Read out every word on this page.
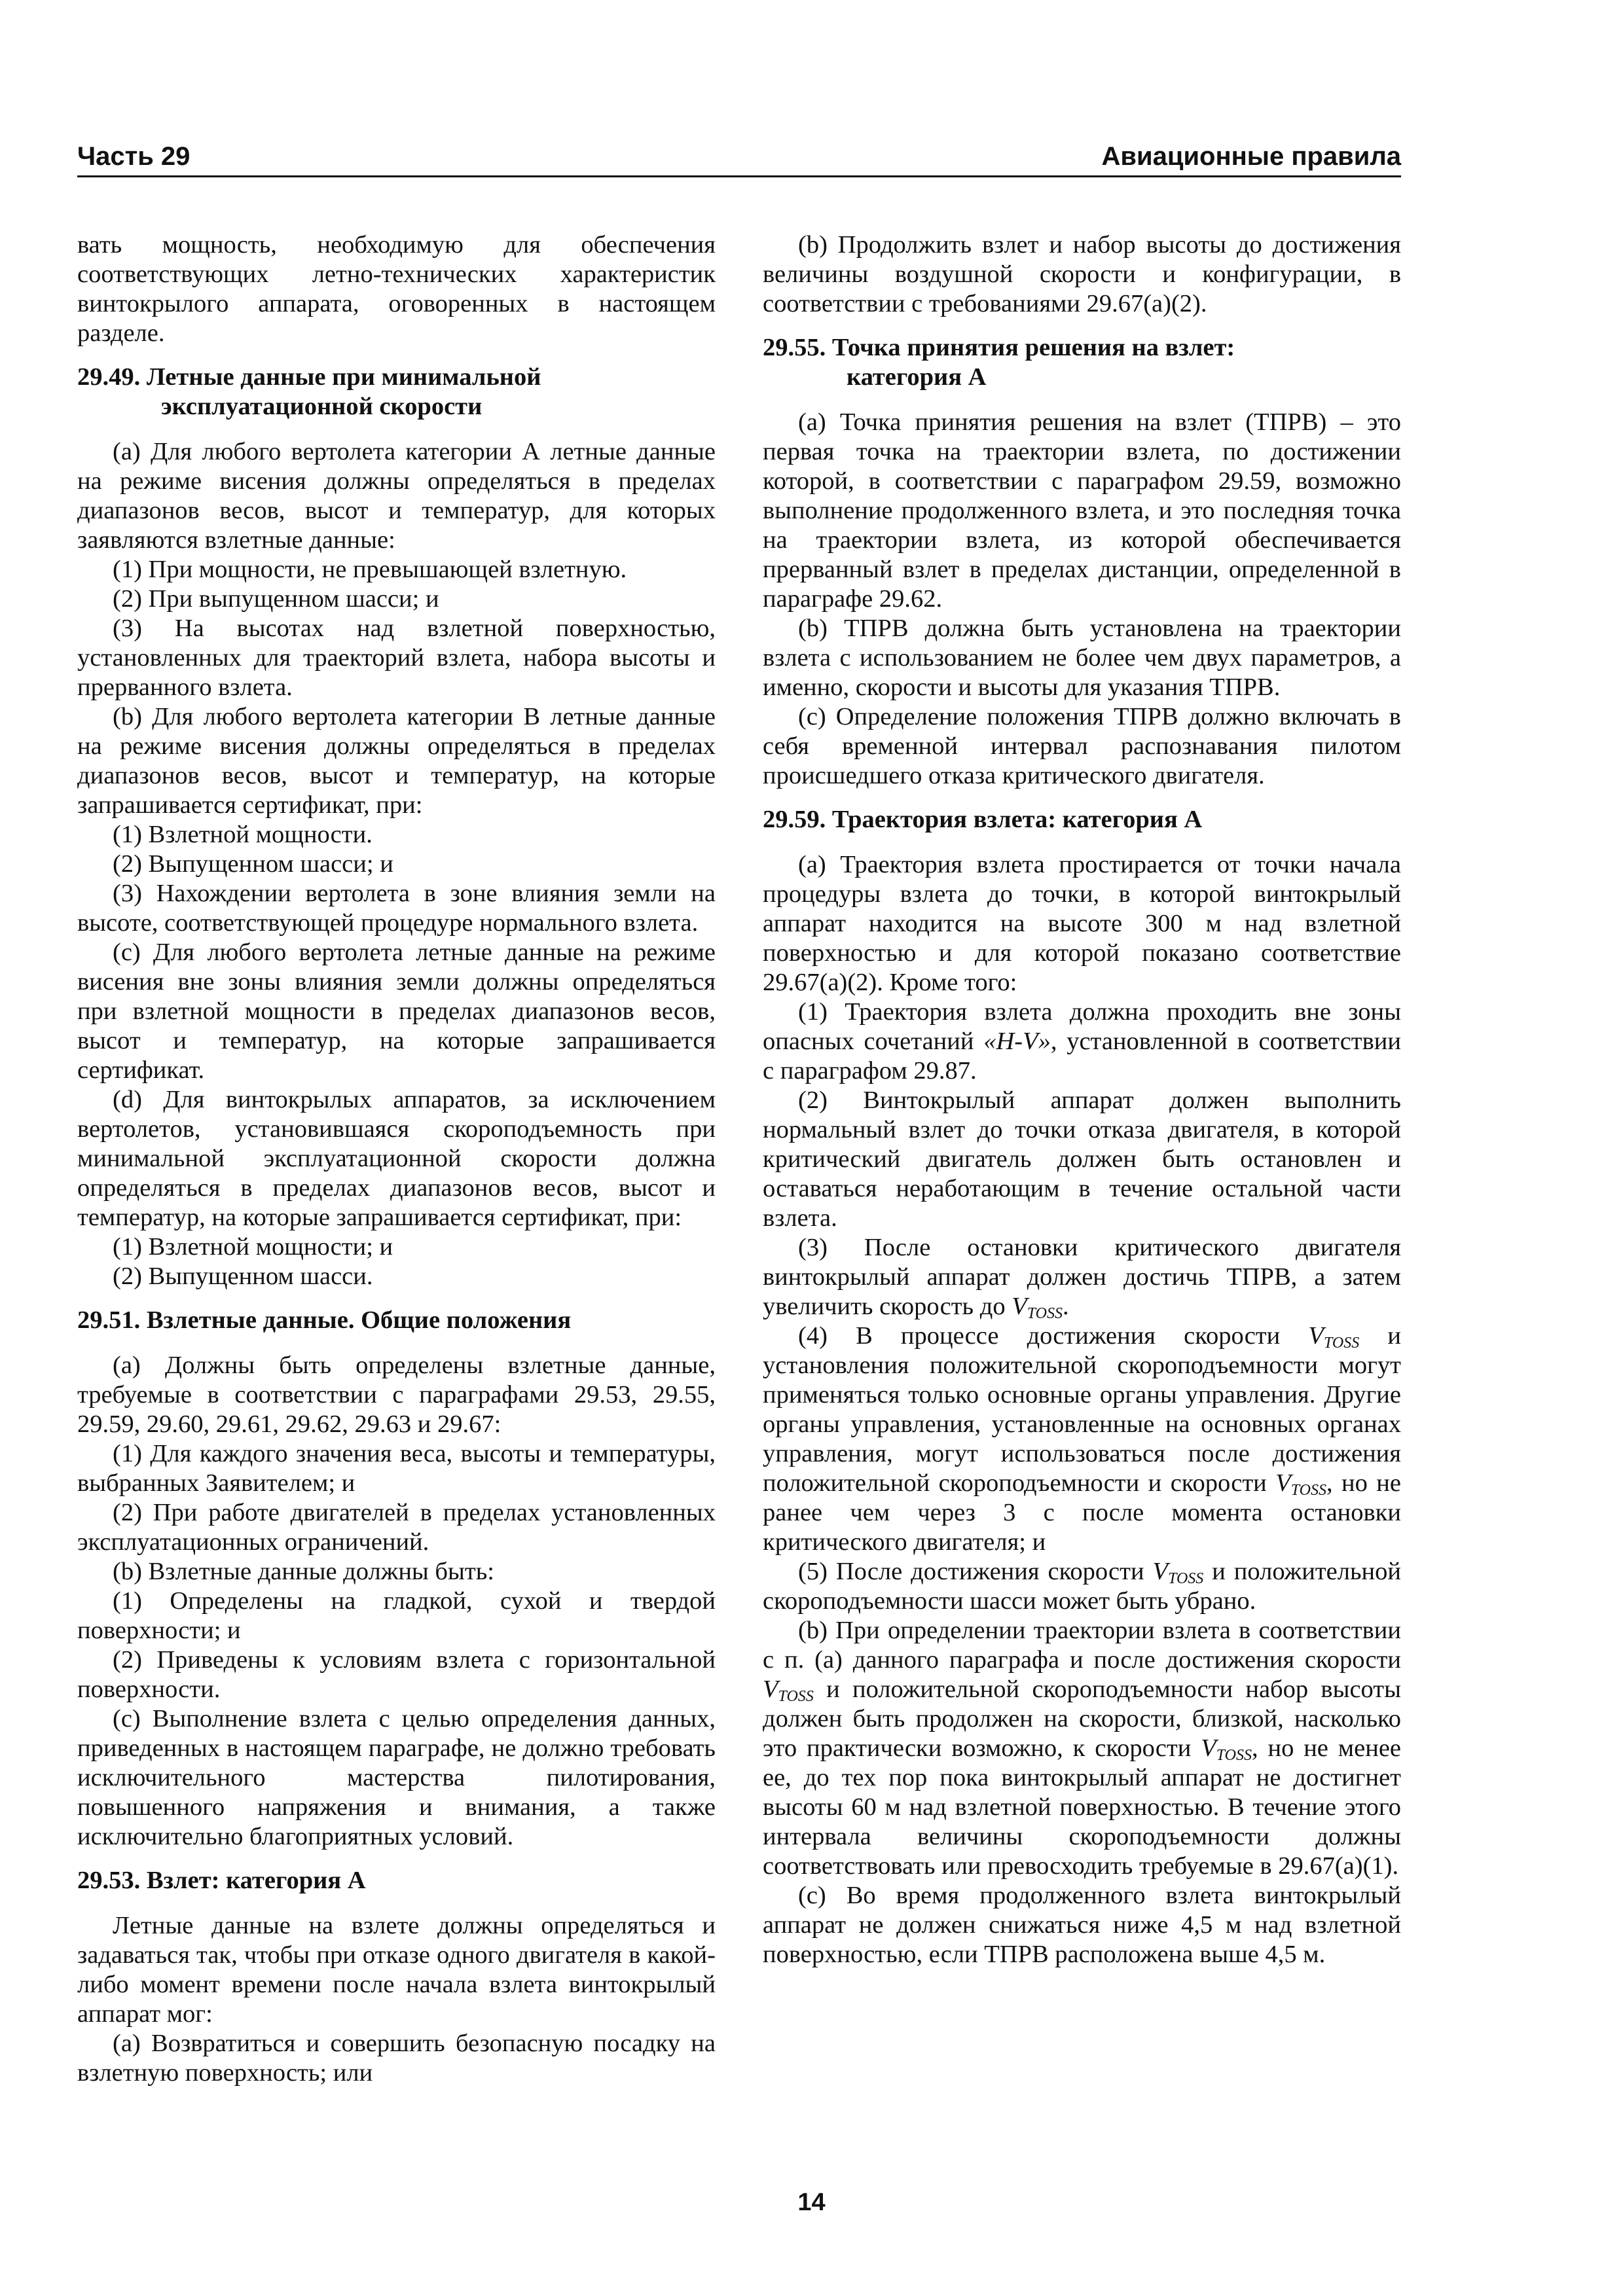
Часть 29	Авиационные правила

вать мощность, необходимую для обеспечения соответствующих летно-технических характеристик винтокрылого аппарата, оговоренных в настоящем разделе.

29.49. Летные данные при минимальной
эксплуатационной скорости

(a) Для любого вертолета категории А летные данные на режиме висения должны определяться в пределах диапазонов весов, высот и температур, для которых заявляются взлетные данные:

(1) При мощности, не превышающей взлетную.

(2) При выпущенном шасси; и

(3) На высотах над взлетной поверхностью, установленных для траекторий взлета, набора высоты и прерванного взлета.

(b) Для любого вертолета категории В летные данные на режиме висения должны определяться в пределах диапазонов весов, высот и температур, на которые запрашивается сертификат, при:

(1) Взлетной мощности.

(2) Выпущенном шасси; и

(3) Нахождении вертолета в зоне влияния земли на высоте, соответствующей процедуре нормального взлета.

(c) Для любого вертолета летные данные на режиме висения вне зоны влияния земли должны определяться при взлетной мощности в пределах диапазонов весов, высот и температур, на которые запрашивается сертификат.

(d) Для винтокрылых аппаратов, за исключением вертолетов, установившаяся скороподъемность при минимальной эксплуатационной скорости должна определяться в пределах диапазонов весов, высот и температур, на которые запрашивается сертификат, при:

(1) Взлетной мощности; и

(2) Выпущенном шасси.

29.51. Взлетные данные. Общие положения

(a) Должны быть определены взлетные данные, требуемые в соответствии с параграфами 29.53, 29.55, 29.59, 29.60, 29.61, 29.62, 29.63 и 29.67:

(1) Для каждого значения веса, высоты и температуры, выбранных Заявителем; и

(2) При работе двигателей в пределах установленных эксплуатационных ограничений.

(b) Взлетные данные должны быть:

(1) Определены на гладкой, сухой и твердой поверхности; и

(2) Приведены к условиям взлета с горизонтальной поверхности.

(c) Выполнение взлета с целью определения данных, приведенных в настоящем параграфе, не должно требовать исключительного мастерства пилотирования, повышенного напряжения и внимания, а также исключительно благоприятных условий.

29.53. Взлет: категория А

Летные данные на взлете должны определяться и задаваться так, чтобы при отказе одного двигателя в какой-либо момент времени после начала взлета винтокрылый аппарат мог:

(a) Возвратиться и совершить безопасную посадку на взлетную поверхность; или

(b) Продолжить взлет и набор высоты до достижения величины воздушной скорости и конфигурации, в соответствии с требованиями 29.67(a)(2).

29.55. Точка принятия решения на взлет:
категория А

(a) Точка принятия решения на взлет (ТПРВ) – это первая точка на траектории взлета, по достижении которой, в соответствии с параграфом 29.59, возможно выполнение продолженного взлета, и это последняя точка на траектории взлета, из которой обеспечивается прерванный взлет в пределах дистанции, определенной в параграфе 29.62.

(b) ТПРВ должна быть установлена на траектории взлета с использованием не более чем двух параметров, а именно, скорости и высоты для указания ТПРВ.

(c) Определение положения ТПРВ должно включать в себя временной интервал распознавания пилотом происшедшего отказа критического двигателя.

29.59. Траектория взлета: категория А

(a) Траектория взлета простирается от точки начала процедуры взлета до точки, в которой винтокрылый аппарат находится на высоте 300 м над взлетной поверхностью и для которой показано соответствие 29.67(a)(2). Кроме того:

(1) Траектория взлета должна проходить вне зоны опасных сочетаний «H-V», установленной в соответствии с параграфом 29.87.

(2) Винтокрылый аппарат должен выполнить нормальный взлет до точки отказа двигателя, в которой критический двигатель должен быть остановлен и оставаться неработающим в течение остальной части взлета.

(3) После остановки критического двигателя винтокрылый аппарат должен достичь ТПРВ, а затем увеличить скорость до $V_{TOSS}$.

(4) В процессе достижения скорости $V_{TOSS}$ и установления положительной скороподъемности могут применяться только основные органы управления. Другие органы управления, установленные на основных органах управления, могут использоваться после достижения положительной скороподъемности и скорости $V_{TOSS}$, но не ранее чем через 3 с после момента остановки критического двигателя; и

(5) После достижения скорости $V_{TOSS}$ и положительной скороподъемности шасси может быть убрано.

(b) При определении траектории взлета в соответствии с п. (a) данного параграфа и после достижения скорости $V_{TOSS}$ и положительной скороподъемности набор высоты должен быть продолжен на скорости, близкой, насколько это практически возможно, к скорости $V_{TOSS}$, но не менее ее, до тех пор пока винтокрылый аппарат не достигнет высоты 60 м над взлетной поверхностью. В течение этого интервала величины скороподъемности должны соответствовать или превосходить требуемые в 29.67(a)(1).

(c) Во время продолженного взлета винтокрылый аппарат не должен снижаться ниже 4,5 м над взлетной поверхностью, если ТПРВ расположена выше 4,5 м.

14
